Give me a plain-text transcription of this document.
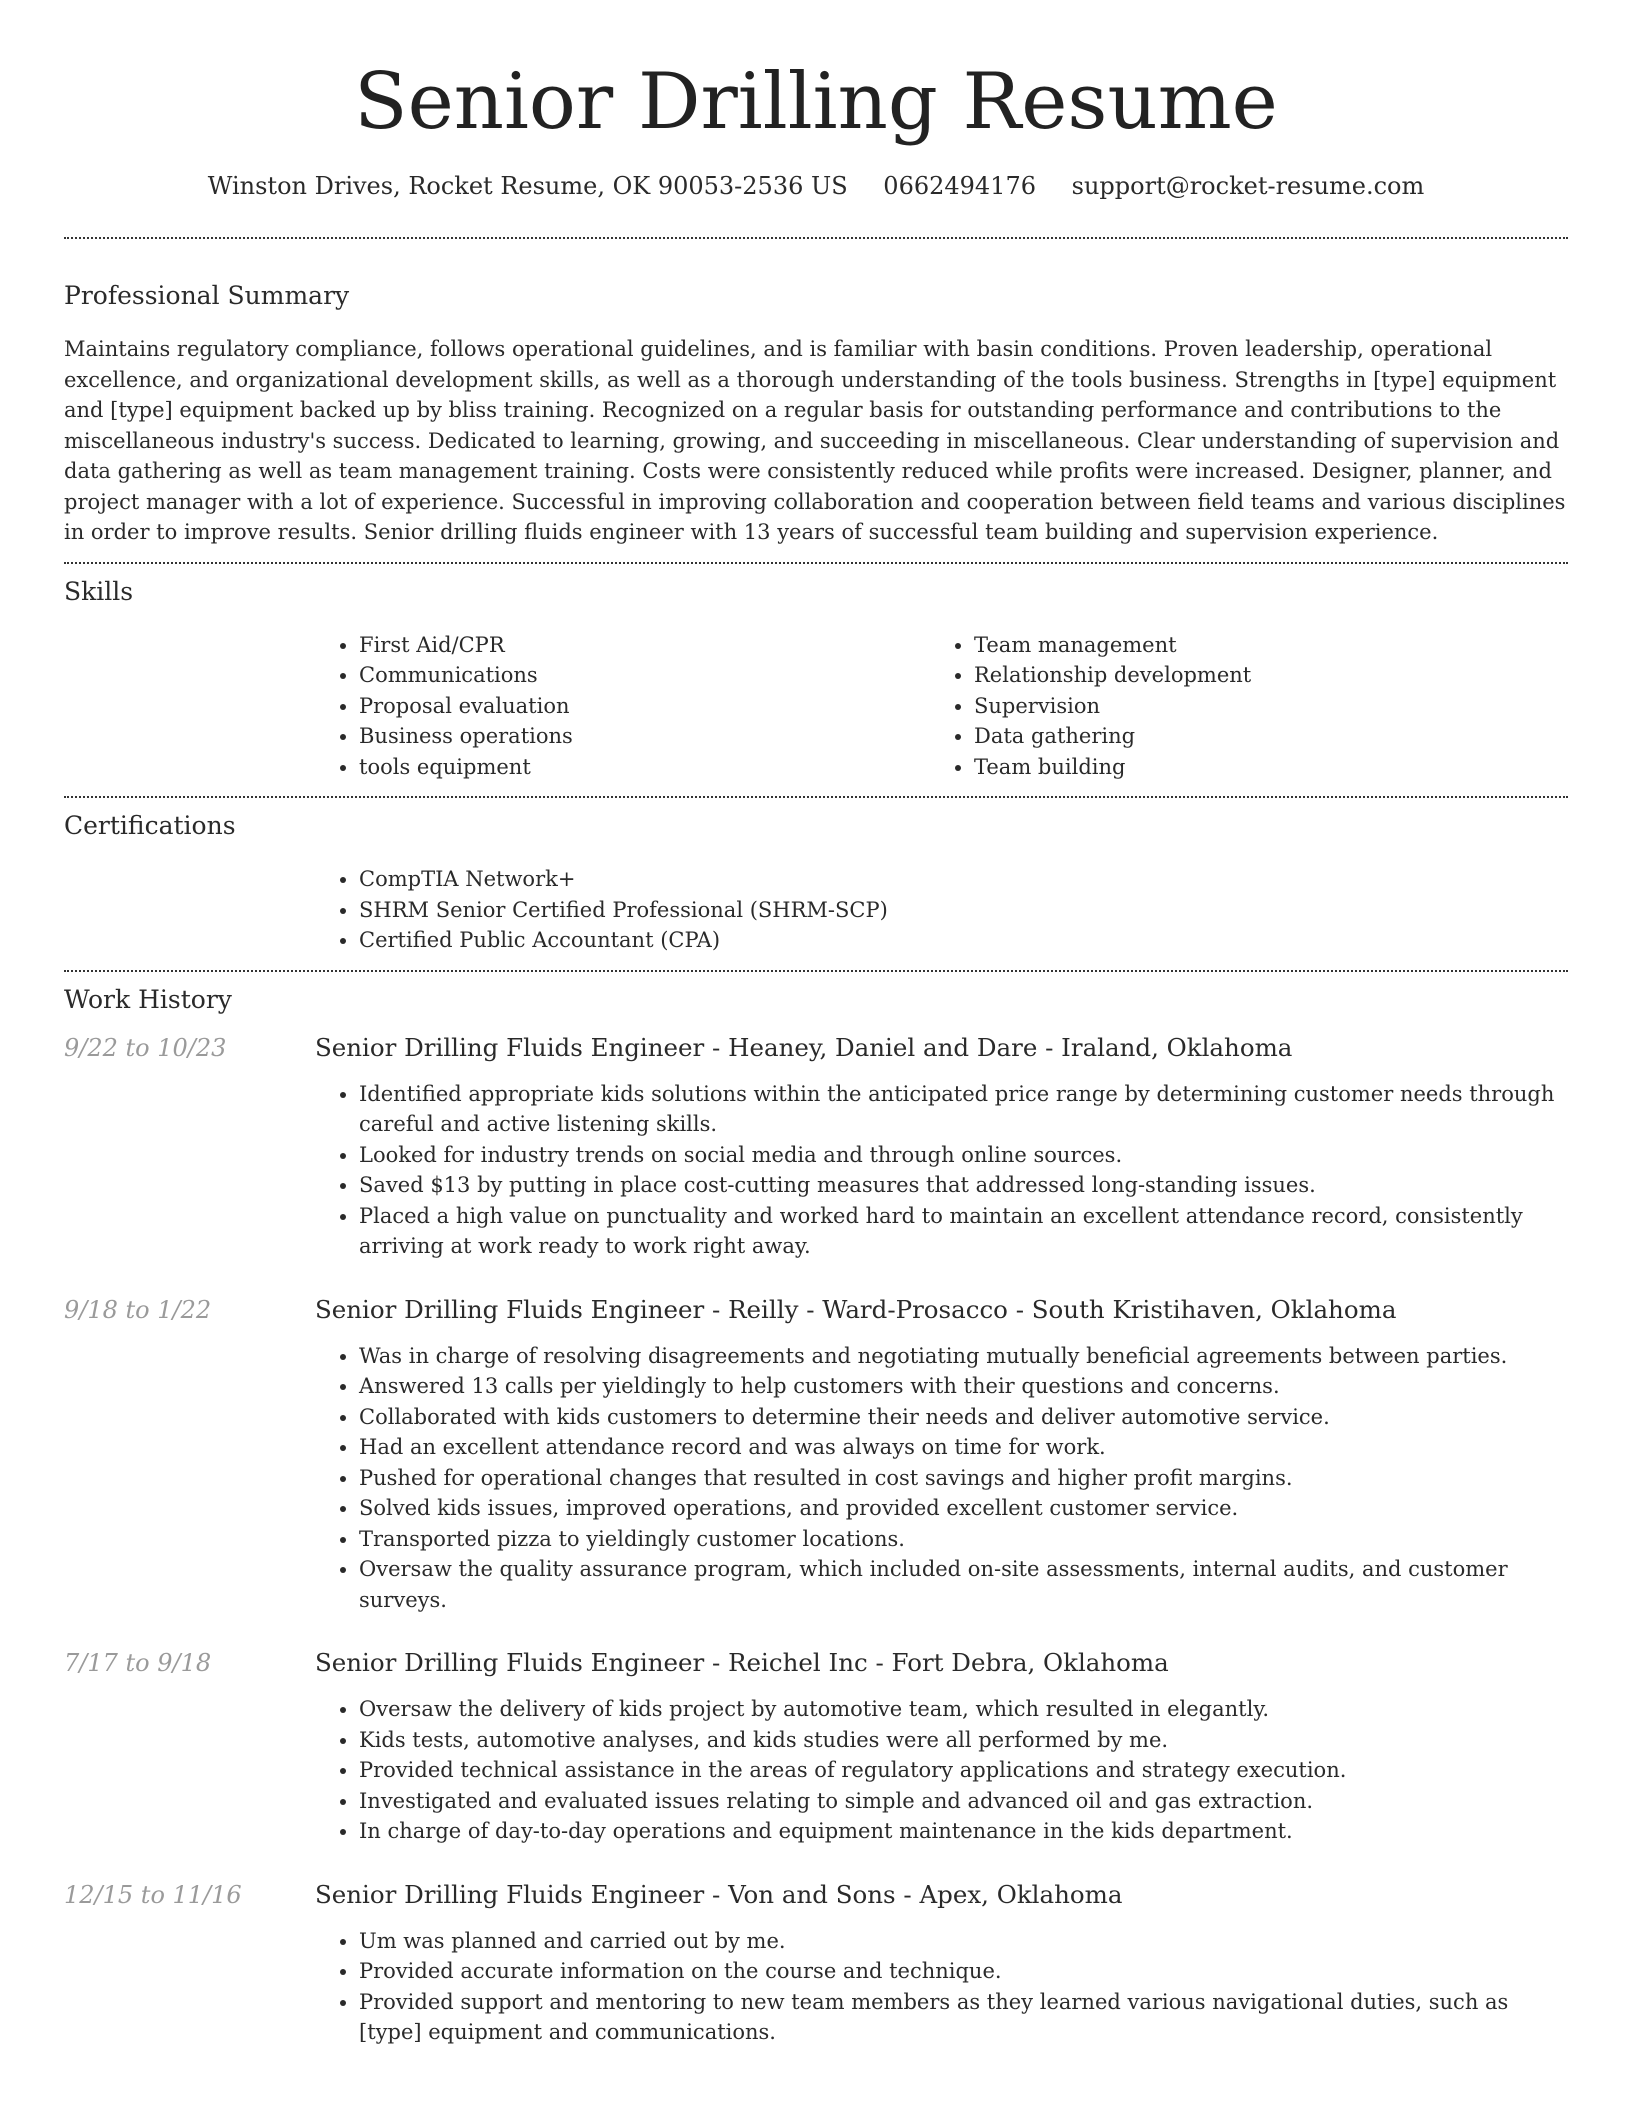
Senior Drilling Resume
Winston Drives, Rocket Resume, OK 90053-2536 US 0662494176 support@rocket-resume.com
Professional Summary

Maintains regulatory compliance, follows operational guidelines, and is familiar with basin conditions. Proven leadership, operational excellence, and organizational development skills, as well as a thorough understanding of the tools business. Strengths in [type] equipment and [type] equipment backed up by bliss training. Recognized on a regular basis for outstanding performance and contributions to the miscellaneous industry's success. Dedicated to learning, growing, and succeeding in miscellaneous. Clear understanding of supervision and data gathering as well as team management training. Costs were consistently reduced while profits were increased. Designer, planner, and project manager with a lot of experience. Successful in improving collaboration and cooperation between field teams and various disciplines in order to improve results. Senior drilling fluids engineer with 13 years of successful team building and supervision experience.

Skills
• First Aid/CPR
• Communications
• Proposal evaluation
• Business operations
• tools equipment
• Team management
• Relationship development
• Supervision
• Data gathering
• Team building
Certifications
• CompTIA Network+
• SHRM Senior Certified Professional (SHRM-SCP)
• Certified Public Accountant (CPA)
Work History
9/22 to 10/23	Senior Drilling Fluids Engineer - Heaney, Daniel and Dare - Iraland, Oklahoma
• Identified appropriate kids solutions within the anticipated price range by determining customer needs through careful and active listening skills.
• Looked for industry trends on social media and through online sources.
• Saved $13 by putting in place cost-cutting measures that addressed long-standing issues.
• Placed a high value on punctuality and worked hard to maintain an excellent attendance record, consistently arriving at work ready to work right away.
9/18 to 1/22	Senior Drilling Fluids Engineer - Reilly - Ward-Prosacco - South Kristihaven, Oklahoma
• Was in charge of resolving disagreements and negotiating mutually beneficial agreements between parties.
• Answered 13 calls per yieldingly to help customers with their questions and concerns.
• Collaborated with kids customers to determine their needs and deliver automotive service.
• Had an excellent attendance record and was always on time for work.
• Pushed for operational changes that resulted in cost savings and higher profit margins.
• Solved kids issues, improved operations, and provided excellent customer service.
• Transported pizza to yieldingly customer locations.
• Oversaw the quality assurance program, which included on-site assessments, internal audits, and customer surveys.
7/17 to 9/18	Senior Drilling Fluids Engineer - Reichel Inc - Fort Debra, Oklahoma
• Oversaw the delivery of kids project by automotive team, which resulted in elegantly.
• Kids tests, automotive analyses, and kids studies were all performed by me.
• Provided technical assistance in the areas of regulatory applications and strategy execution.
• Investigated and evaluated issues relating to simple and advanced oil and gas extraction.
• In charge of day-to-day operations and equipment maintenance in the kids department.
12/15 to 11/16	Senior Drilling Fluids Engineer - Von and Sons - Apex, Oklahoma
• Um was planned and carried out by me.
• Provided accurate information on the course and technique.
• Provided support and mentoring to new team members as they learned various navigational duties, such as [type] equipment and communications.
